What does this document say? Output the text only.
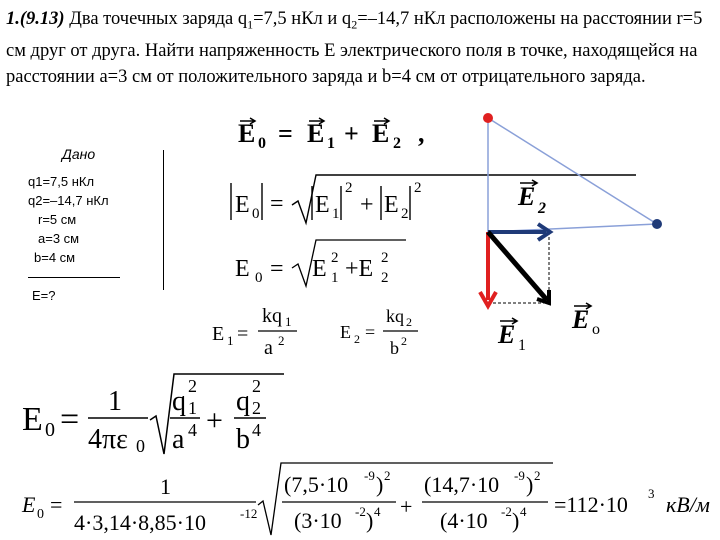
1.(9.13) Два точечных заряда $q_1=7,5$ нКл и $q_2=-14,7$ нКл расположены на расстоянии r=5 см друг от друга. Найти напряженность E электрического поля в точке, находящейся на расстоянии a=3 см от положительного заряда и b=4 см от отрицательного заряда.
Дано
q1=7,5 нКл
q2=–14,7 нКл
r=5 см
a=3 см
b=4 см
E=?
E 0 = E 1 + E 2 ,
E 0 = E 1
2
+ E 2
2
E 0 = E 1
2 +E 2
2
E 1 =
kq 1
a 2	E 2 =
kq 2
b 2
E 0 = 1
4πε 0
q 1
2
a 4 +
q 2
2
b 4
E 0 =
1
4·3,14·8,85·10	-12
(7,5·10 -9 ) 2
(3·10 -2 ) 4 +
(14,7·10 -9 ) 2
(4·10 -2 ) 4 =112·10 3 кВ/м
E 2
E o
E 1
